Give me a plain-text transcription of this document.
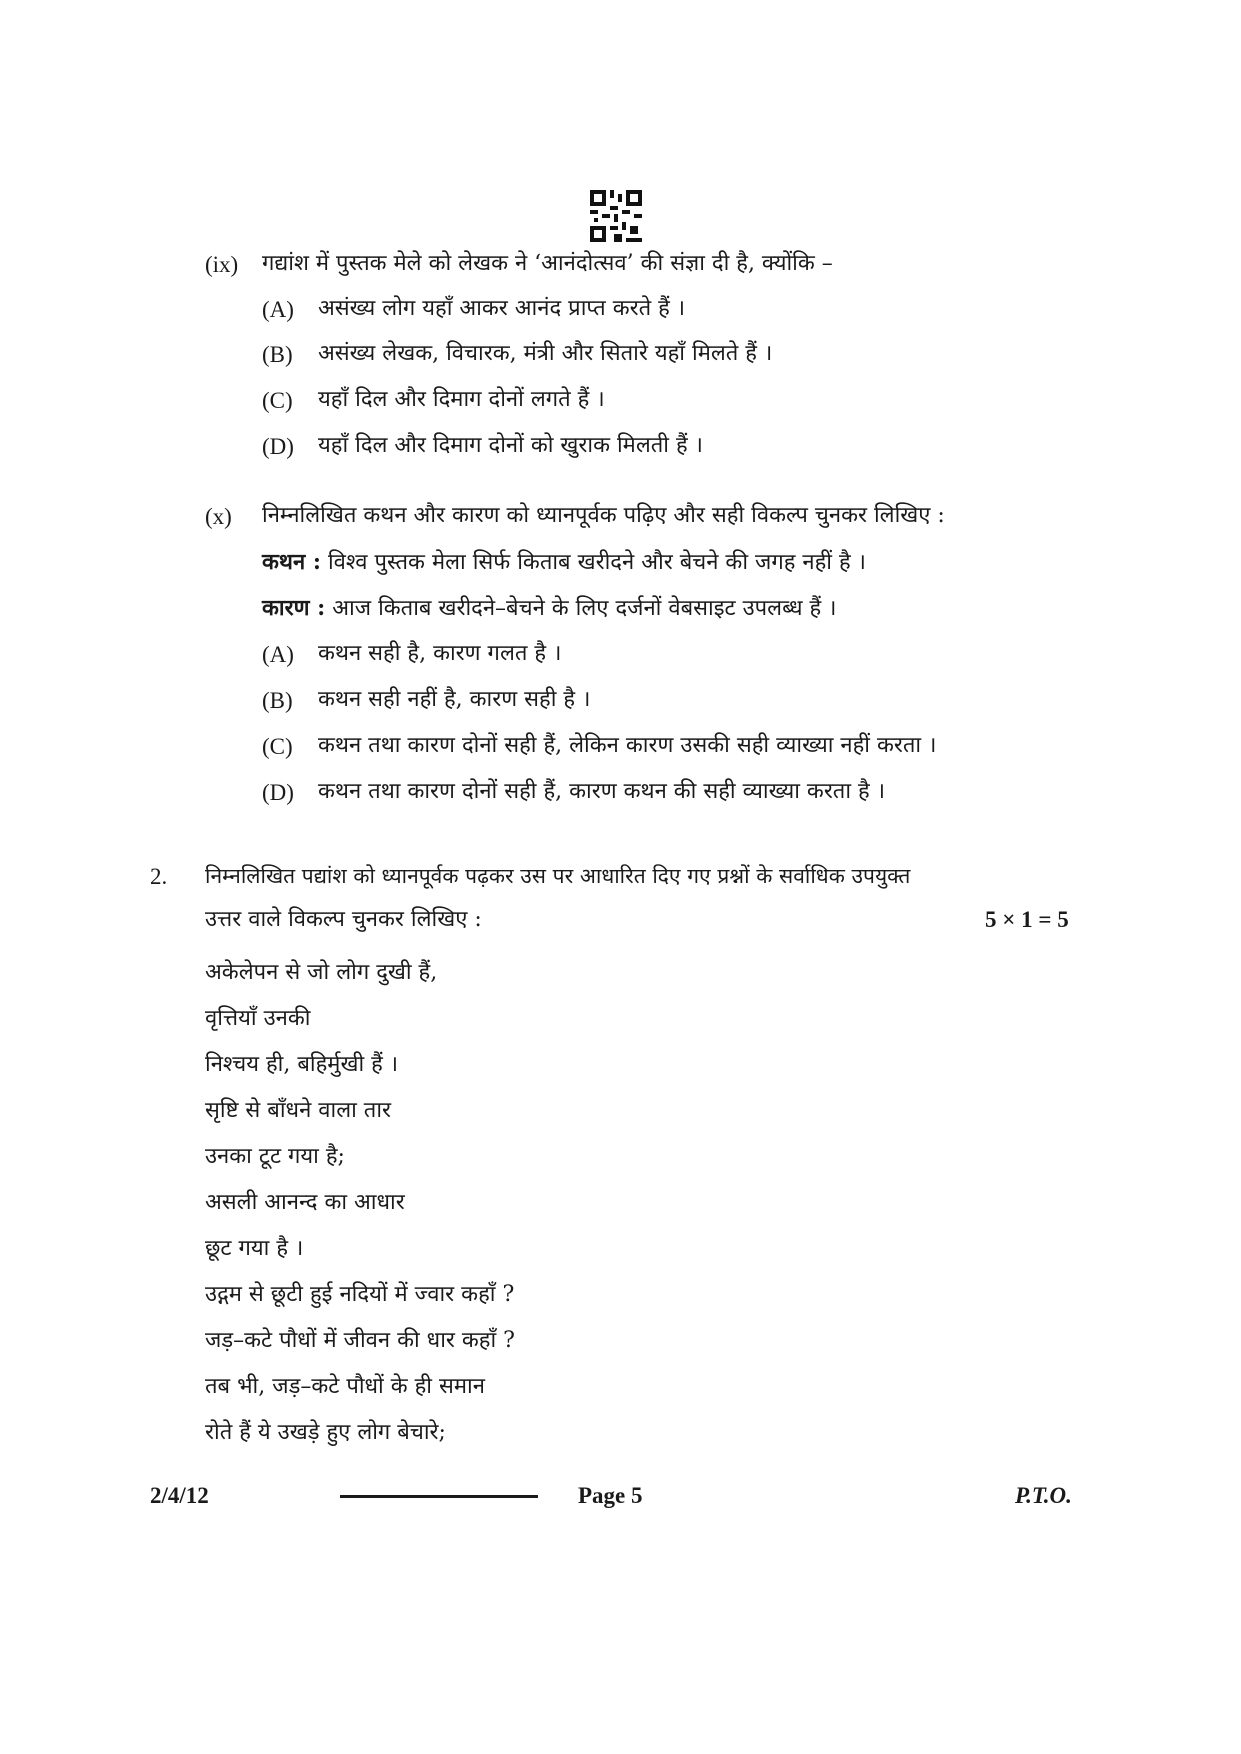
(ix) गद्यांश में पुस्तक मेले को लेखक ने ‘आनंदोत्सव’ की संज्ञा दी है, क्योंकि –
(A) असंख्य लोग यहाँ आकर आनंद प्राप्त करते हैं ।
(B) असंख्य लेखक, विचारक, मंत्री और सितारे यहाँ मिलते हैं ।
(C) यहाँ दिल और दिमाग दोनों लगते हैं ।
(D) यहाँ दिल और दिमाग दोनों को खुराक मिलती हैं ।
(x) निम्नलिखित कथन और कारण को ध्यानपूर्वक पढ़िए और सही विकल्प चुनकर लिखिए :
कथन : विश्व पुस्तक मेला सिर्फ किताब खरीदने और बेचने की जगह नहीं है ।
कारण : आज किताब खरीदने–बेचने के लिए दर्जनों वेबसाइट उपलब्ध हैं ।
(A) कथन सही है, कारण गलत है ।
(B) कथन सही नहीं है, कारण सही है ।
(C) कथन तथा कारण दोनों सही हैं, लेकिन कारण उसकी सही व्याख्या नहीं करता ।
(D) कथन तथा कारण दोनों सही हैं, कारण कथन की सही व्याख्या करता है ।
2. निम्नलिखित पद्यांश को ध्यानपूर्वक पढ़कर उस पर आधारित दिए गए प्रश्नों के सर्वाधिक उपयुक्त
उत्तर वाले विकल्प चुनकर लिखिए :	5 × 1 = 5
अकेलेपन से जो लोग दुखी हैं,
वृत्तियाँ उनकी
निश्चय ही, बहिर्मुखी हैं ।
सृष्टि से बाँधने वाला तार
उनका टूट गया है;
असली आनन्द का आधार
छूट गया है ।
उद्गम से छूटी हुई नदियों में ज्वार कहाँ ?
जड़–कटे पौधों में जीवन की धार कहाँ ?
तब भी, जड़–कटे पौधों के ही समान
रोते हैं ये उखड़े हुए लोग बेचारे;
2/4/12	Page 5	P.T.O.
